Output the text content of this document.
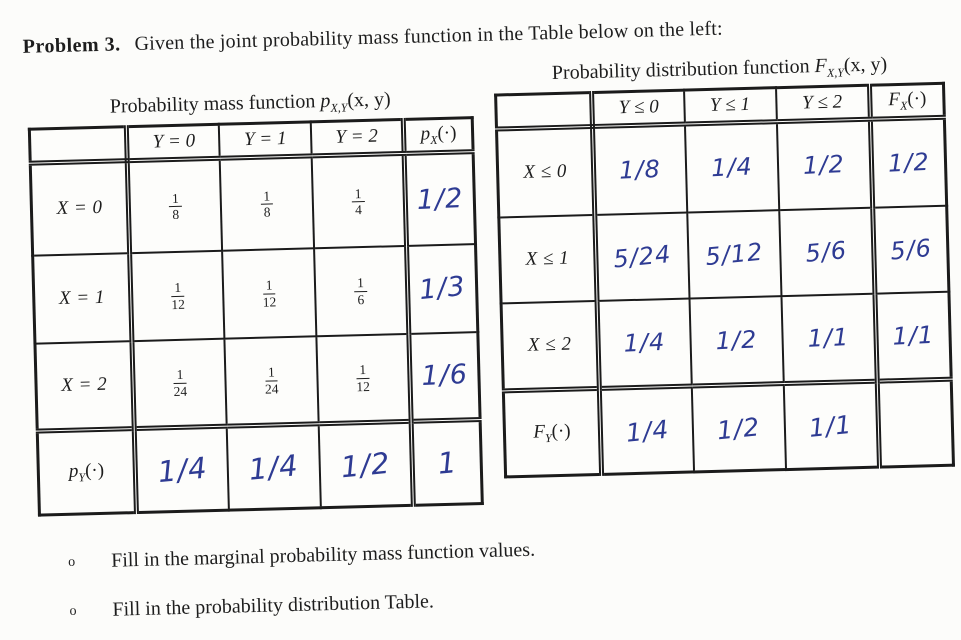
Problem 3. Given the joint probability mass function in the Table below on the left:
Probability mass function $p_{X,Y}(x$, y)
	Y = 0	Y = 1	Y = 2	$p_X(\cdot)$
X = 0	$\frac{1}{8}$	$\frac{1}{8}$	$\frac{1}{4}$	1/2
X = 1	$\frac{1}{12}$	$\frac{1}{12}$	$\frac{1}{6}$	1/3
X = 2	$\frac{1}{24}$	$\frac{1}{24}$	$\frac{1}{12}$	1/6
$p_Y(\cdot)$	1/4	1/4	1/2	1
Probability distribution function $F_{X,Y}(x$, y)
	Y ≤ 0	Y ≤ 1	Y ≤ 2	$F_X(\cdot)$
X ≤ 0	1/8	1/4	1/2	1/2
X ≤ 1	5/24	5/12	5/6	5/6
X ≤ 2	1/4	1/2	1/1	1/1
$F_Y(\cdot)$	1/4	1/2	1/1	
o Fill in the marginal probability mass function values.
o Fill in the probability distribution Table.
